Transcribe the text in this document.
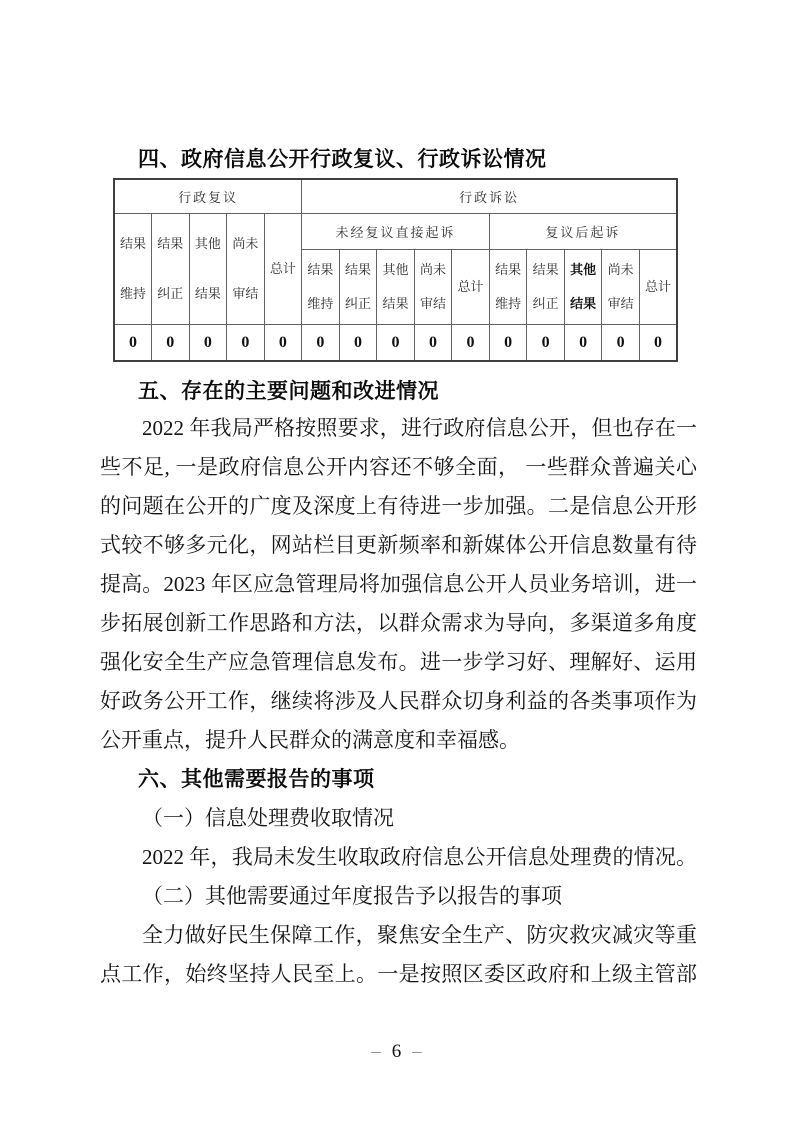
四、政府信息公开行政复议、行政诉讼情况
行政复议					行政诉讼									
结果维持	结果纠正	其他结果	尚未审结	总计	未经复议直接起诉					复议后起诉				
					结果维持	结果纠正	其他结果	尚未审结	总计	结果维持	结果纠正	其他结果	尚未审结	总计
0	0	0	0	0	0	0	0	0	0	0	0	0	0	0
五、存在的主要问题和改进情况
2022 年我局严格按照要求，进行政府信息公开，但也存在一
些不足, 一是政府信息公开内容还不够全面， 一些群众普遍关心
的问题在公开的广度及深度上有待进一步加强。二是信息公开形
式较不够多元化，网站栏目更新频率和新媒体公开信息数量有待
提高。2023 年区应急管理局将加强信息公开人员业务培训，进一
步拓展创新工作思路和方法，以群众需求为导向，多渠道多角度
强化安全生产应急管理信息发布。进一步学习好、理解好、运用
好政务公开工作，继续将涉及人民群众切身利益的各类事项作为
公开重点，提升人民群众的满意度和幸福感。
六、其他需要报告的事项
（一）信息处理费收取情况
2022 年，我局未发生收取政府信息公开信息处理费的情况。
（二）其他需要通过年度报告予以报告的事项
全力做好民生保障工作，聚焦安全生产、防灾救灾减灾等重
点工作，始终坚持人民至上。一是按照区委区政府和上级主管部
– 6 –
